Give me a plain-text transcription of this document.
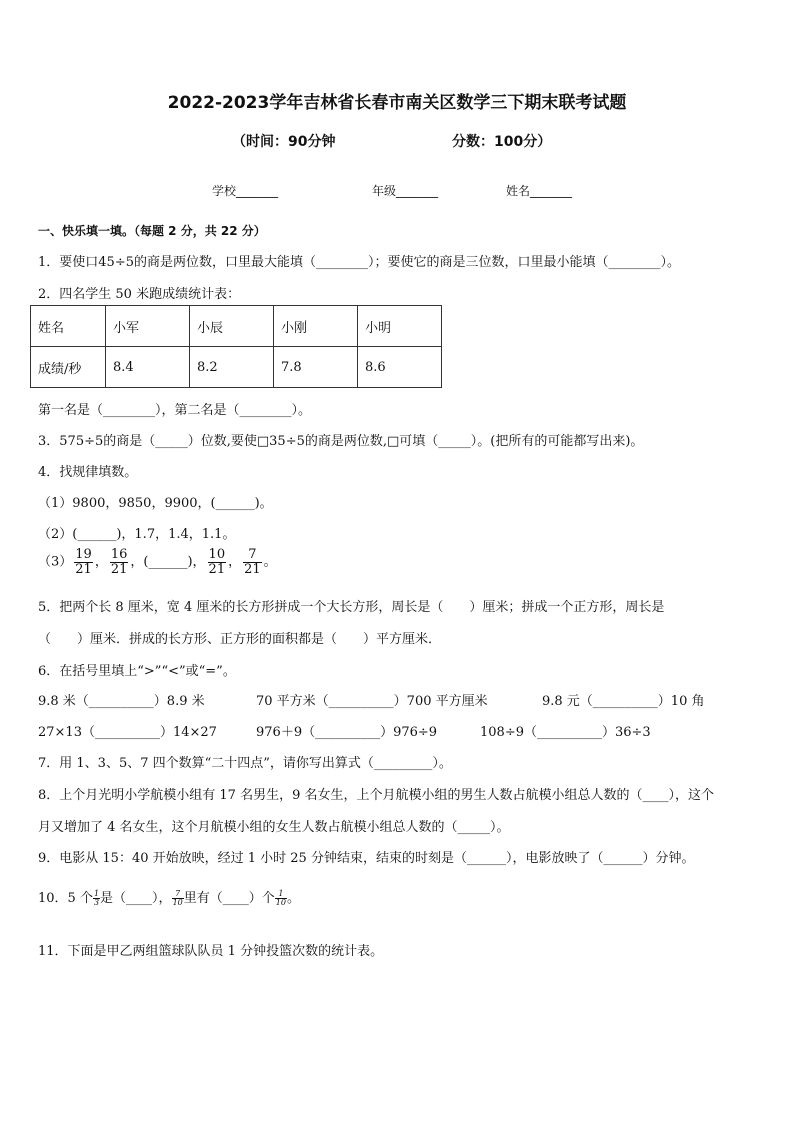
2022-2023学年吉林省长春市南关区数学三下期末联考试题
（时间：90分钟	分数：100分）
学校_______	年级_______	姓名_______
一、快乐填一填。（每题 2 分，共 22 分）
1．要使口45÷5的商是两位数，口里最大能填（________）；要使它的商是三位数，口里最小能填（________）。
2．四名学生 50 米跑成绩统计表：
姓名	小军	小辰	小刚	小明
成绩/秒	8.4	8.2	7.8	8.6
第一名是（________），第二名是（________）。
3．575÷5的商是（_____）位数,要使□35÷5的商是两位数,□可填（_____）。(把所有的可能都写出来)。
4．找规律填数。
（1）9800，9850，9900，(______)。
（2）(______)，1.7，1.4，1.1。
$(3) \frac{19}{21}$ ， $\frac{16}{21}$ ，(______)， $\frac{10}{21}$ ， $\frac{7}{21}$ 。
5．把两个长 8 厘米，宽 4 厘米的长方形拼成一个大长方形，周长是（　　）厘米；拼成一个正方形，周长是
（　　）厘米．拼成的长方形、正方形的面积都是（　　）平方厘米．
6．在括号里填上“>”“<”或“=”。
9.8 米（__________）8.9 米	70 平方米（__________）700 平方厘米	9.8 元（__________）10 角
27×13（__________）14×27	976＋9（__________）976÷9	108÷9（__________）36÷3
7．用 1、3、5、7 四个数算“二十四点”，请你写出算式（_________）。
8．上个月光明小学航模小组有 17 名男生，9 名女生，上个月航模小组的男生人数占航模小组总人数的（____），这个
月又增加了 4 名女生，这个月航模小组的女生人数占航模小组总人数的（_____）。
9．电影从 15：40 开始放映，经过 1 小时 25 分钟结束，结束的时刻是（______），电影放映了（______）分钟。
10．5 个 $\frac{1}{3}$ 是（____）， $\frac{7}{10}$ 里有（____）个 $\frac{1}{10}$ 。
11．下面是甲乙两组篮球队队员 1 分钟投篮次数的统计表。
